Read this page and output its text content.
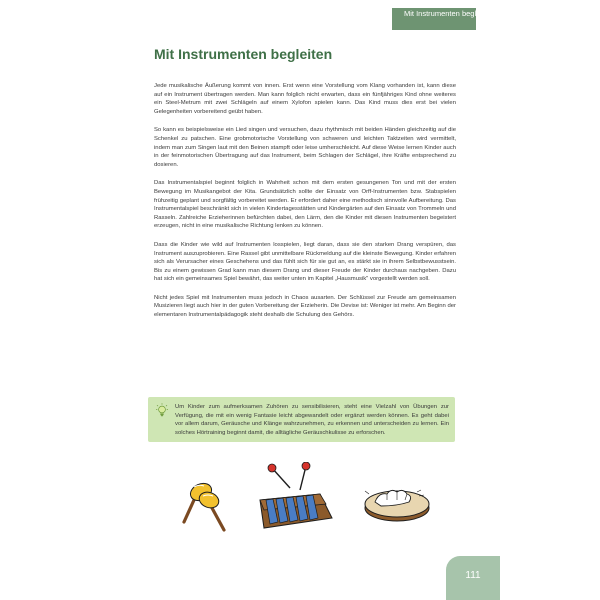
Mit Instrumenten begleiten
Mit Instrumenten begleiten

Jede musikalische Äußerung kommt von innen. Erst wenn eine Vorstellung vom Klang vorhanden ist, kann diese auf ein Instrument übertragen werden. Man kann folglich nicht erwarten, dass ein fünfjähriges Kind ohne weiteres ein Steel-Metrum mit zwei Schlägeln auf einem Xylofon spielen kann. Das Kind muss dies erst bei vielen Gelegenheiten vorbereitend geübt haben.

So kann es beispielsweise ein Lied singen und versuchen, dazu rhythmisch mit beiden Händen gleichzeitig auf die Schenkel zu patschen. Eine grobmotorische Vorstellung von schweren und leichten Taktzeiten wird vermittelt, indem man zum Singen laut mit den Beinen stampft oder leise umherschleicht. Auf diese Weise lernen Kinder auch in der feinmotorischen Übertragung auf das Instrument, beim Schlagen der Schlägel, ihre Kräfte entsprechend zu dosieren.

Das Instrumentalspiel beginnt folglich in Wahrheit schon mit dem ersten gesungenen Ton und mit der ersten Bewegung im Musikangebot der Kita. Grundsätzlich sollte der Einsatz von Orff-Instrumenten bzw. Stabspielen frühzeitig geplant und sorgfältig vorbereitet werden. Er erfordert daher eine methodisch sinnvolle Aufbereitung. Das Instrumentalspiel beschränkt sich in vielen Kindertagesstätten und Kindergärten auf den Einsatz von Trommeln und Rasseln. Zahlreiche Erzieherinnen befürchten dabei, den Lärm, den die Kinder mit diesen Instrumenten begeistert erzeugen, nicht in eine musikalische Richtung lenken zu können.

Dass die Kinder wie wild auf Instrumenten losspielen, liegt daran, dass sie den starken Drang verspüren, das Instrument auszuprobieren. Eine Rassel gibt unmittelbare Rückmeldung auf die kleinste Bewegung. Kinder erfahren sich als Verursacher eines Geschehens und das fühlt sich für sie gut an, es stärkt sie in ihrem Selbstbewusstsein. Bis zu einem gewissen Grad kann man diesem Drang und dieser Freude der Kinder durchaus nachgeben. Dazu hat sich ein gemeinsames Spiel bewährt, das weiter unten im Kapitel „Hausmusik" vorgestellt werden soll.

Nicht jedes Spiel mit Instrumenten muss jedoch in Chaos ausarten. Der Schlüssel zur Freude am gemeinsamen Musizieren liegt auch hier in der guten Vorbereitung der Erzieherin. Die Devise ist: Weniger ist mehr. Am Beginn der elementaren Instrumentalpädagogik steht deshalb die Schulung des Gehörs.

Um Kinder zum aufmerksamen Zuhören zu sensibilisieren, steht eine Vielzahl von Übungen zur Verfügung, die mit ein wenig Fantasie leicht abgewandelt oder ergänzt werden können. Es geht dabei vor allem darum, Geräusche und Klänge wahrzunehmen, zu erkennen und unterscheiden zu lernen. Ein solches Hörtraining beginnt damit, die alltägliche Geräuschkulisse zu erforschen.

111
